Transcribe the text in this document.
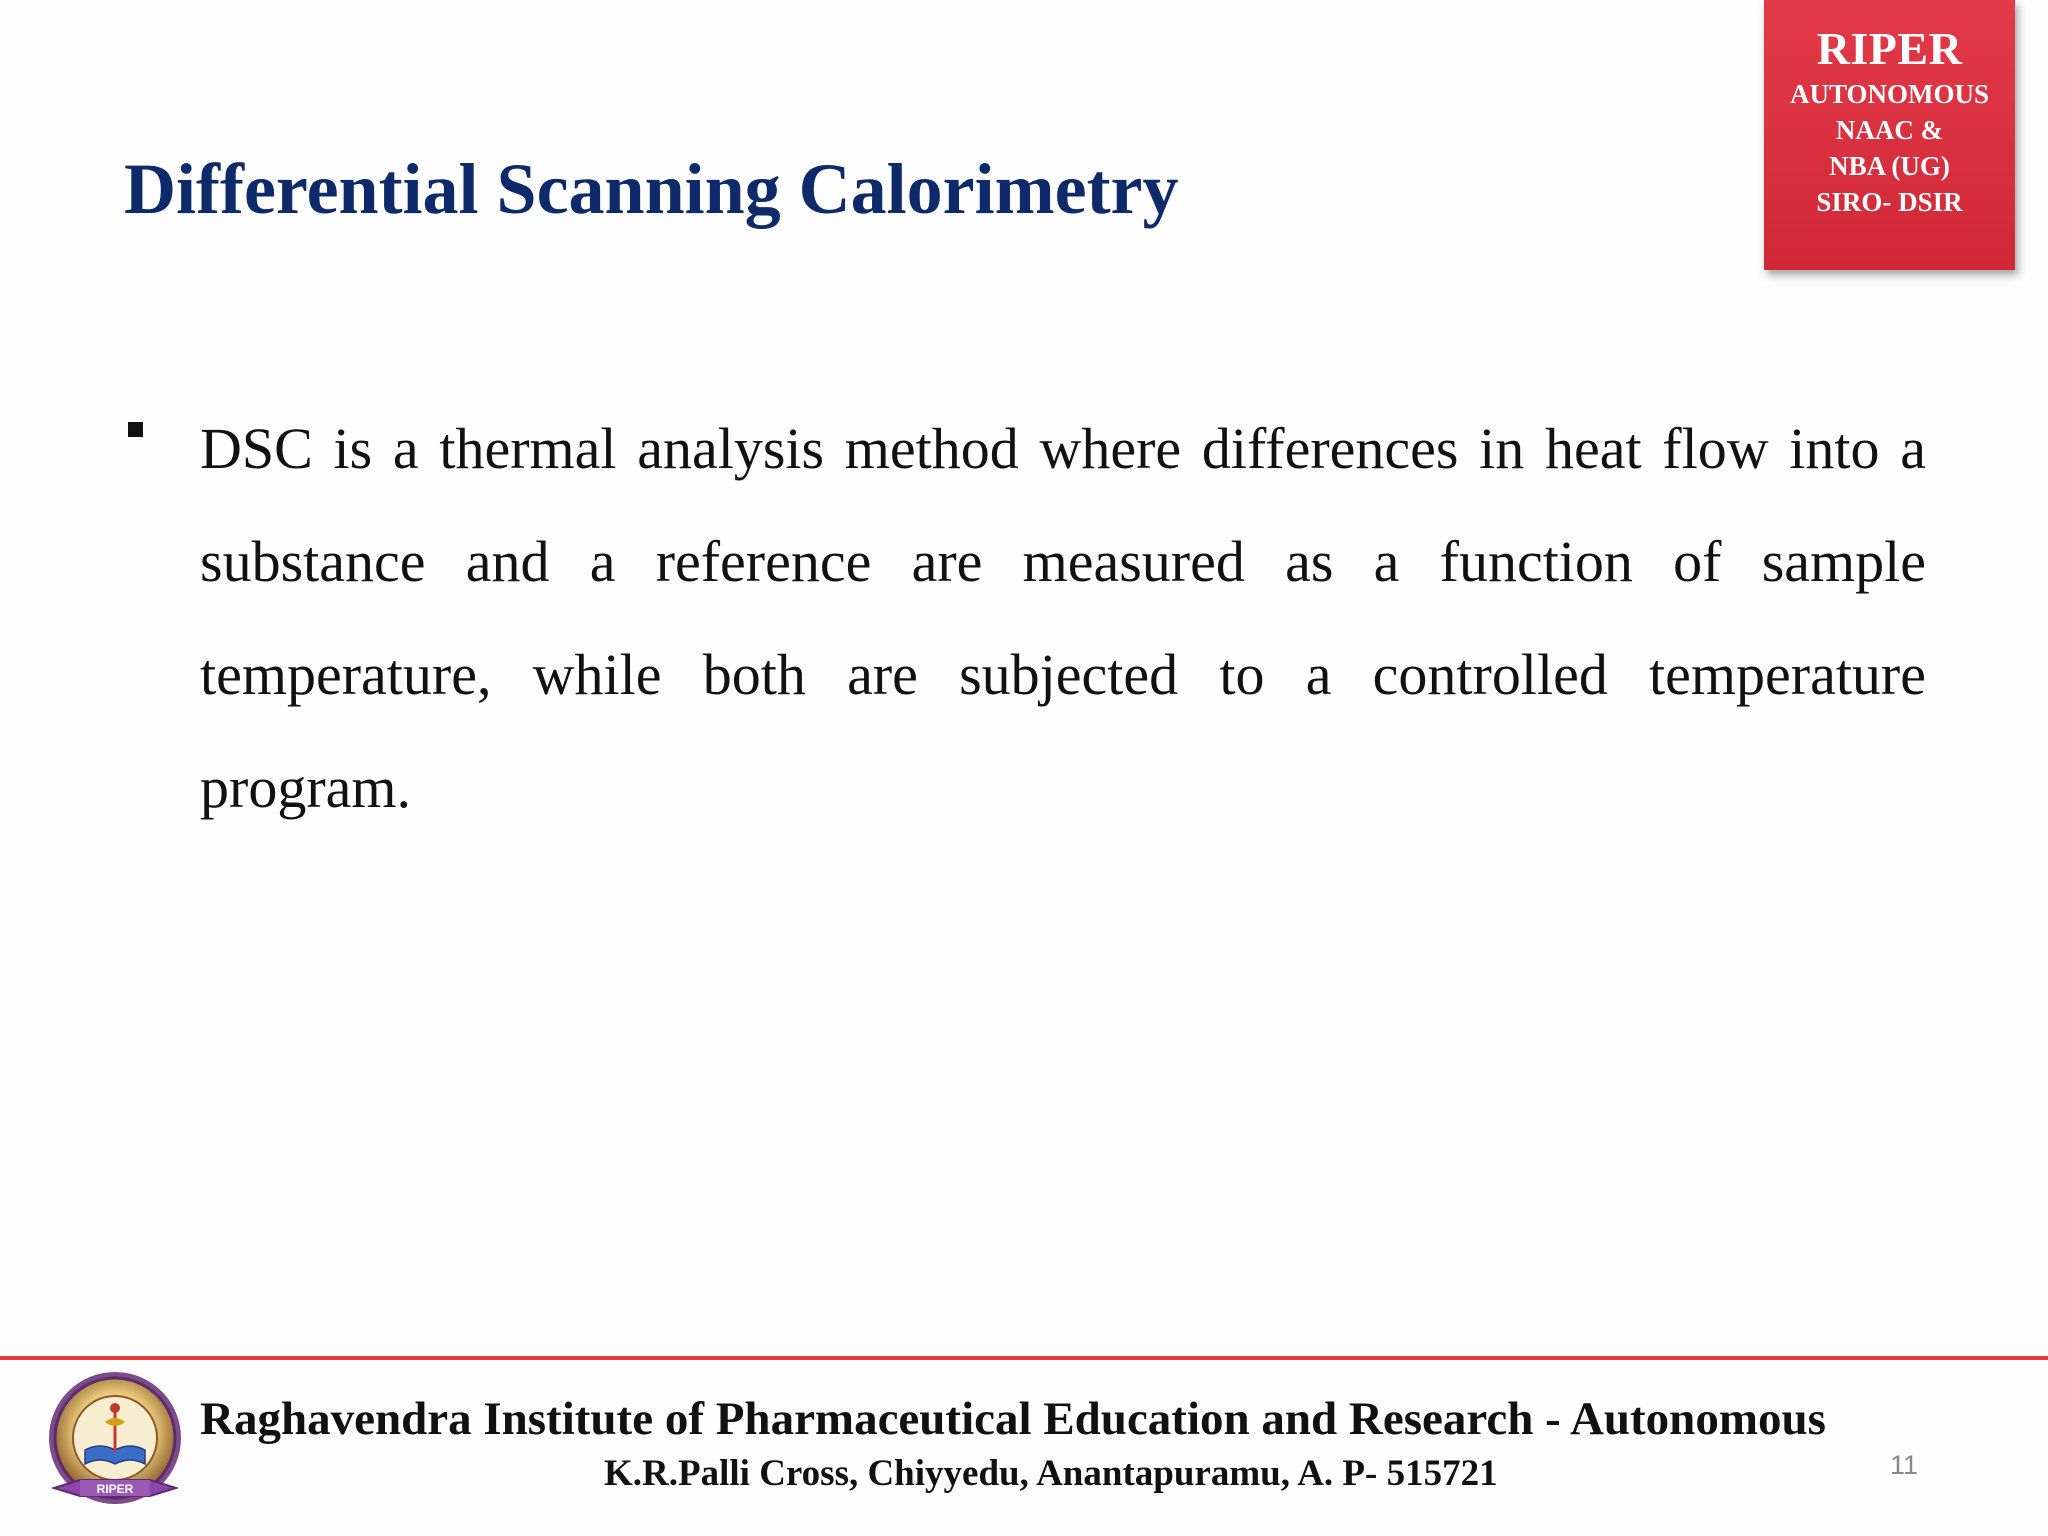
RIPER
AUTONOMOUS
NAAC &
NBA (UG)
SIRO- DSIR
Differential Scanning Calorimetry
DSC is a thermal analysis method where differences in heat flow into a substance and a reference are measured as a function of sample temperature, while both are subjected to a controlled temperature program.
RIPER
Raghavendra Institute of Pharmaceutical Education and Research - Autonomous
K.R.Palli Cross, Chiyyedu, Anantapuramu, A. P- 515721	11
